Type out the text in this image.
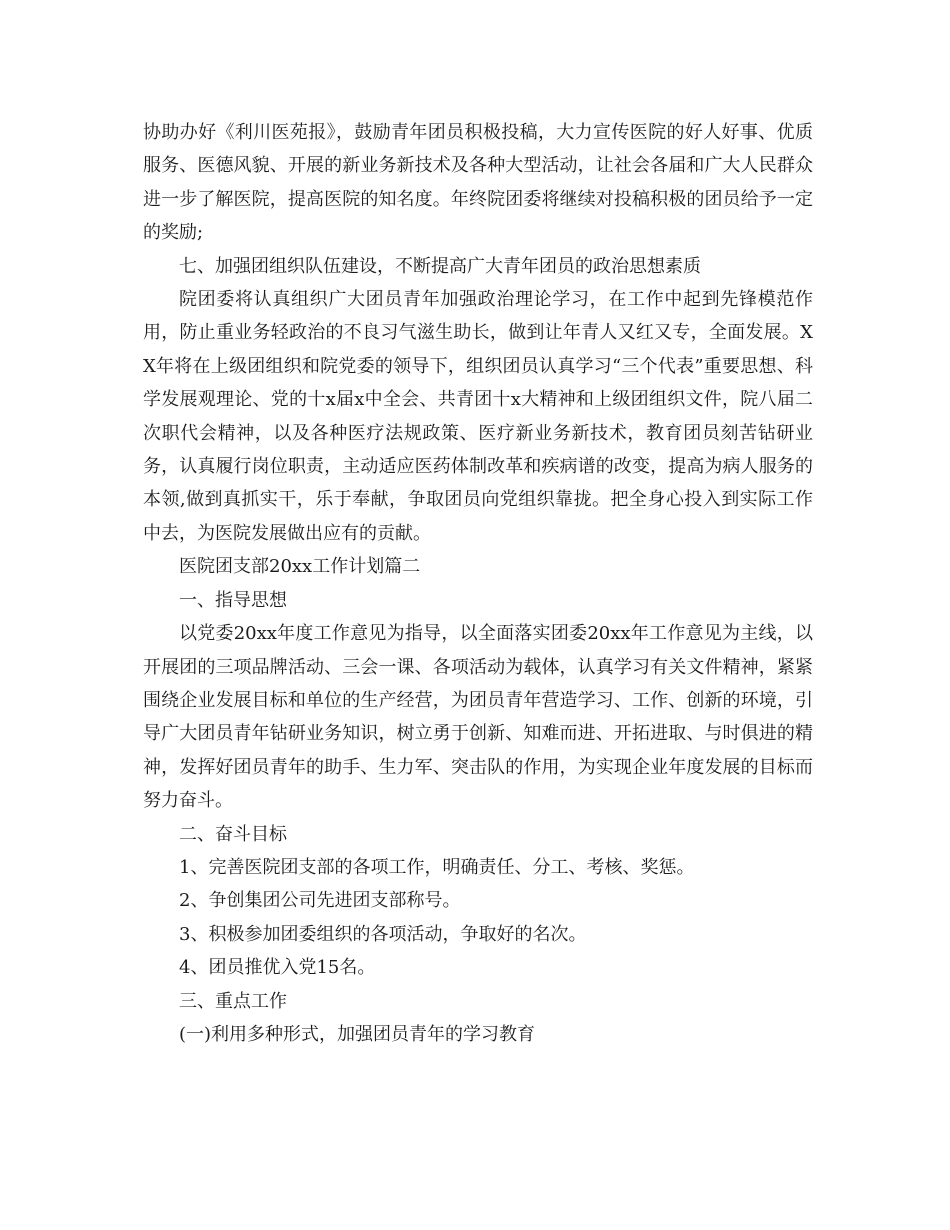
协助办好《利川医苑报》，鼓励青年团员积极投稿，大力宣传医院的好人好事、优质服务、医德风貌、开展的新业务新技术及各种大型活动，让社会各届和广大人民群众进一步了解医院，提高医院的知名度。年终院团委将继续对投稿积极的团员给予一定的奖励;

七、加强团组织队伍建设，不断提高广大青年团员的政治思想素质

院团委将认真组织广大团员青年加强政治理论学习，在工作中起到先锋模范作用，防止重业务轻政治的不良习气滋生助长，做到让年青人又红又专，全面发展。XX年将在上级团组织和院党委的领导下，组织团员认真学习“三个代表”重要思想、科学发展观理论、党的十x届x中全会、共青团十x大精神和上级团组织文件，院八届二次职代会精神，以及各种医疗法规政策、医疗新业务新技术，教育团员刻苦钻研业务，认真履行岗位职责，主动适应医药体制改革和疾病谱的改变，提高为病人服务的本领,做到真抓实干，乐于奉献，争取团员向党组织靠拢。把全身心投入到实际工作中去，为医院发展做出应有的贡献。

医院团支部20xx工作计划篇二

一、指导思想

以党委20xx年度工作意见为指导，以全面落实团委20xx年工作意见为主线，以开展团的三项品牌活动、三会一课、各项活动为载体，认真学习有关文件精神，紧紧围绕企业发展目标和单位的生产经营，为团员青年营造学习、工作、创新的环境，引导广大团员青年钻研业务知识，树立勇于创新、知难而进、开拓进取、与时俱进的精神，发挥好团员青年的助手、生力军、突击队的作用，为实现企业年度发展的目标而努力奋斗。

二、奋斗目标

1、完善医院团支部的各项工作，明确责任、分工、考核、奖惩。

2、争创集团公司先进团支部称号。

3、积极参加团委组织的各项活动，争取好的名次。

4、团员推优入党15名。

三、重点工作

(一)利用多种形式，加强团员青年的学习教育
